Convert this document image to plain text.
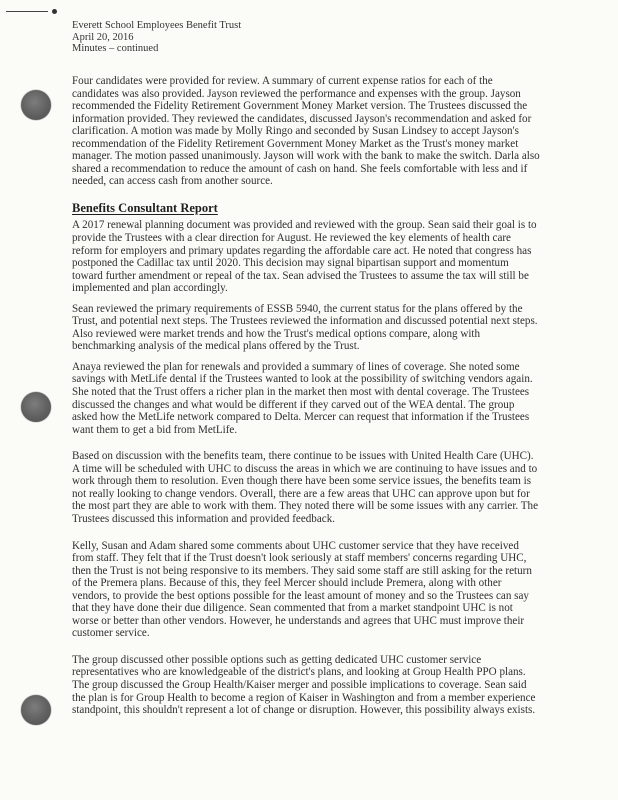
Everett School Employees Benefit Trust
April 20, 2016
Minutes – continued

Four candidates were provided for review. A summary of current expense ratios for each of the candidates was also provided. Jayson reviewed the performance and expenses with the group. Jayson recommended the Fidelity Retirement Government Money Market version. The Trustees discussed the information provided. They reviewed the candidates, discussed Jayson's recommendation and asked for clarification. A motion was made by Molly Ringo and seconded by Susan Lindsey to accept Jayson's recommendation of the Fidelity Retirement Government Money Market as the Trust's money market manager. The motion passed unanimously. Jayson will work with the bank to make the switch. Darla also shared a recommendation to reduce the amount of cash on hand. She feels comfortable with less and if needed, can access cash from another source.

Benefits Consultant Report

A 2017 renewal planning document was provided and reviewed with the group. Sean said their goal is to provide the Trustees with a clear direction for August. He reviewed the key elements of health care reform for employers and primary updates regarding the affordable care act. He noted that congress has postponed the Cadillac tax until 2020. This decision may signal bipartisan support and momentum toward further amendment or repeal of the tax. Sean advised the Trustees to assume the tax will still be implemented and plan accordingly.

Sean reviewed the primary requirements of ESSB 5940, the current status for the plans offered by the Trust, and potential next steps. The Trustees reviewed the information and discussed potential next steps. Also reviewed were market trends and how the Trust's medical options compare, along with benchmarking analysis of the medical plans offered by the Trust.

Anaya reviewed the plan for renewals and provided a summary of lines of coverage. She noted some savings with MetLife dental if the Trustees wanted to look at the possibility of switching vendors again. She noted that the Trust offers a richer plan in the market then most with dental coverage. The Trustees discussed the changes and what would be different if they carved out of the WEA dental. The group asked how the MetLife network compared to Delta. Mercer can request that information if the Trustees want them to get a bid from MetLife.

Based on discussion with the benefits team, there continue to be issues with United Health Care (UHC). A time will be scheduled with UHC to discuss the areas in which we are continuing to have issues and to work through them to resolution. Even though there have been some service issues, the benefits team is not really looking to change vendors. Overall, there are a few areas that UHC can approve upon but for the most part they are able to work with them. They noted there will be some issues with any carrier. The Trustees discussed this information and provided feedback.

Kelly, Susan and Adam shared some comments about UHC customer service that they have received from staff. They felt that if the Trust doesn't look seriously at staff members' concerns regarding UHC, then the Trust is not being responsive to its members. They said some staff are still asking for the return of the Premera plans. Because of this, they feel Mercer should include Premera, along with other vendors, to provide the best options possible for the least amount of money and so the Trustees can say that they have done their due diligence. Sean commented that from a market standpoint UHC is not worse or better than other vendors. However, he understands and agrees that UHC must improve their customer service.

The group discussed other possible options such as getting dedicated UHC customer service representatives who are knowledgeable of the district's plans, and looking at Group Health PPO plans. The group discussed the Group Health/Kaiser merger and possible implications to coverage. Sean said the plan is for Group Health to become a region of Kaiser in Washington and from a member experience standpoint, this shouldn't represent a lot of change or disruption. However, this possibility always exists.
